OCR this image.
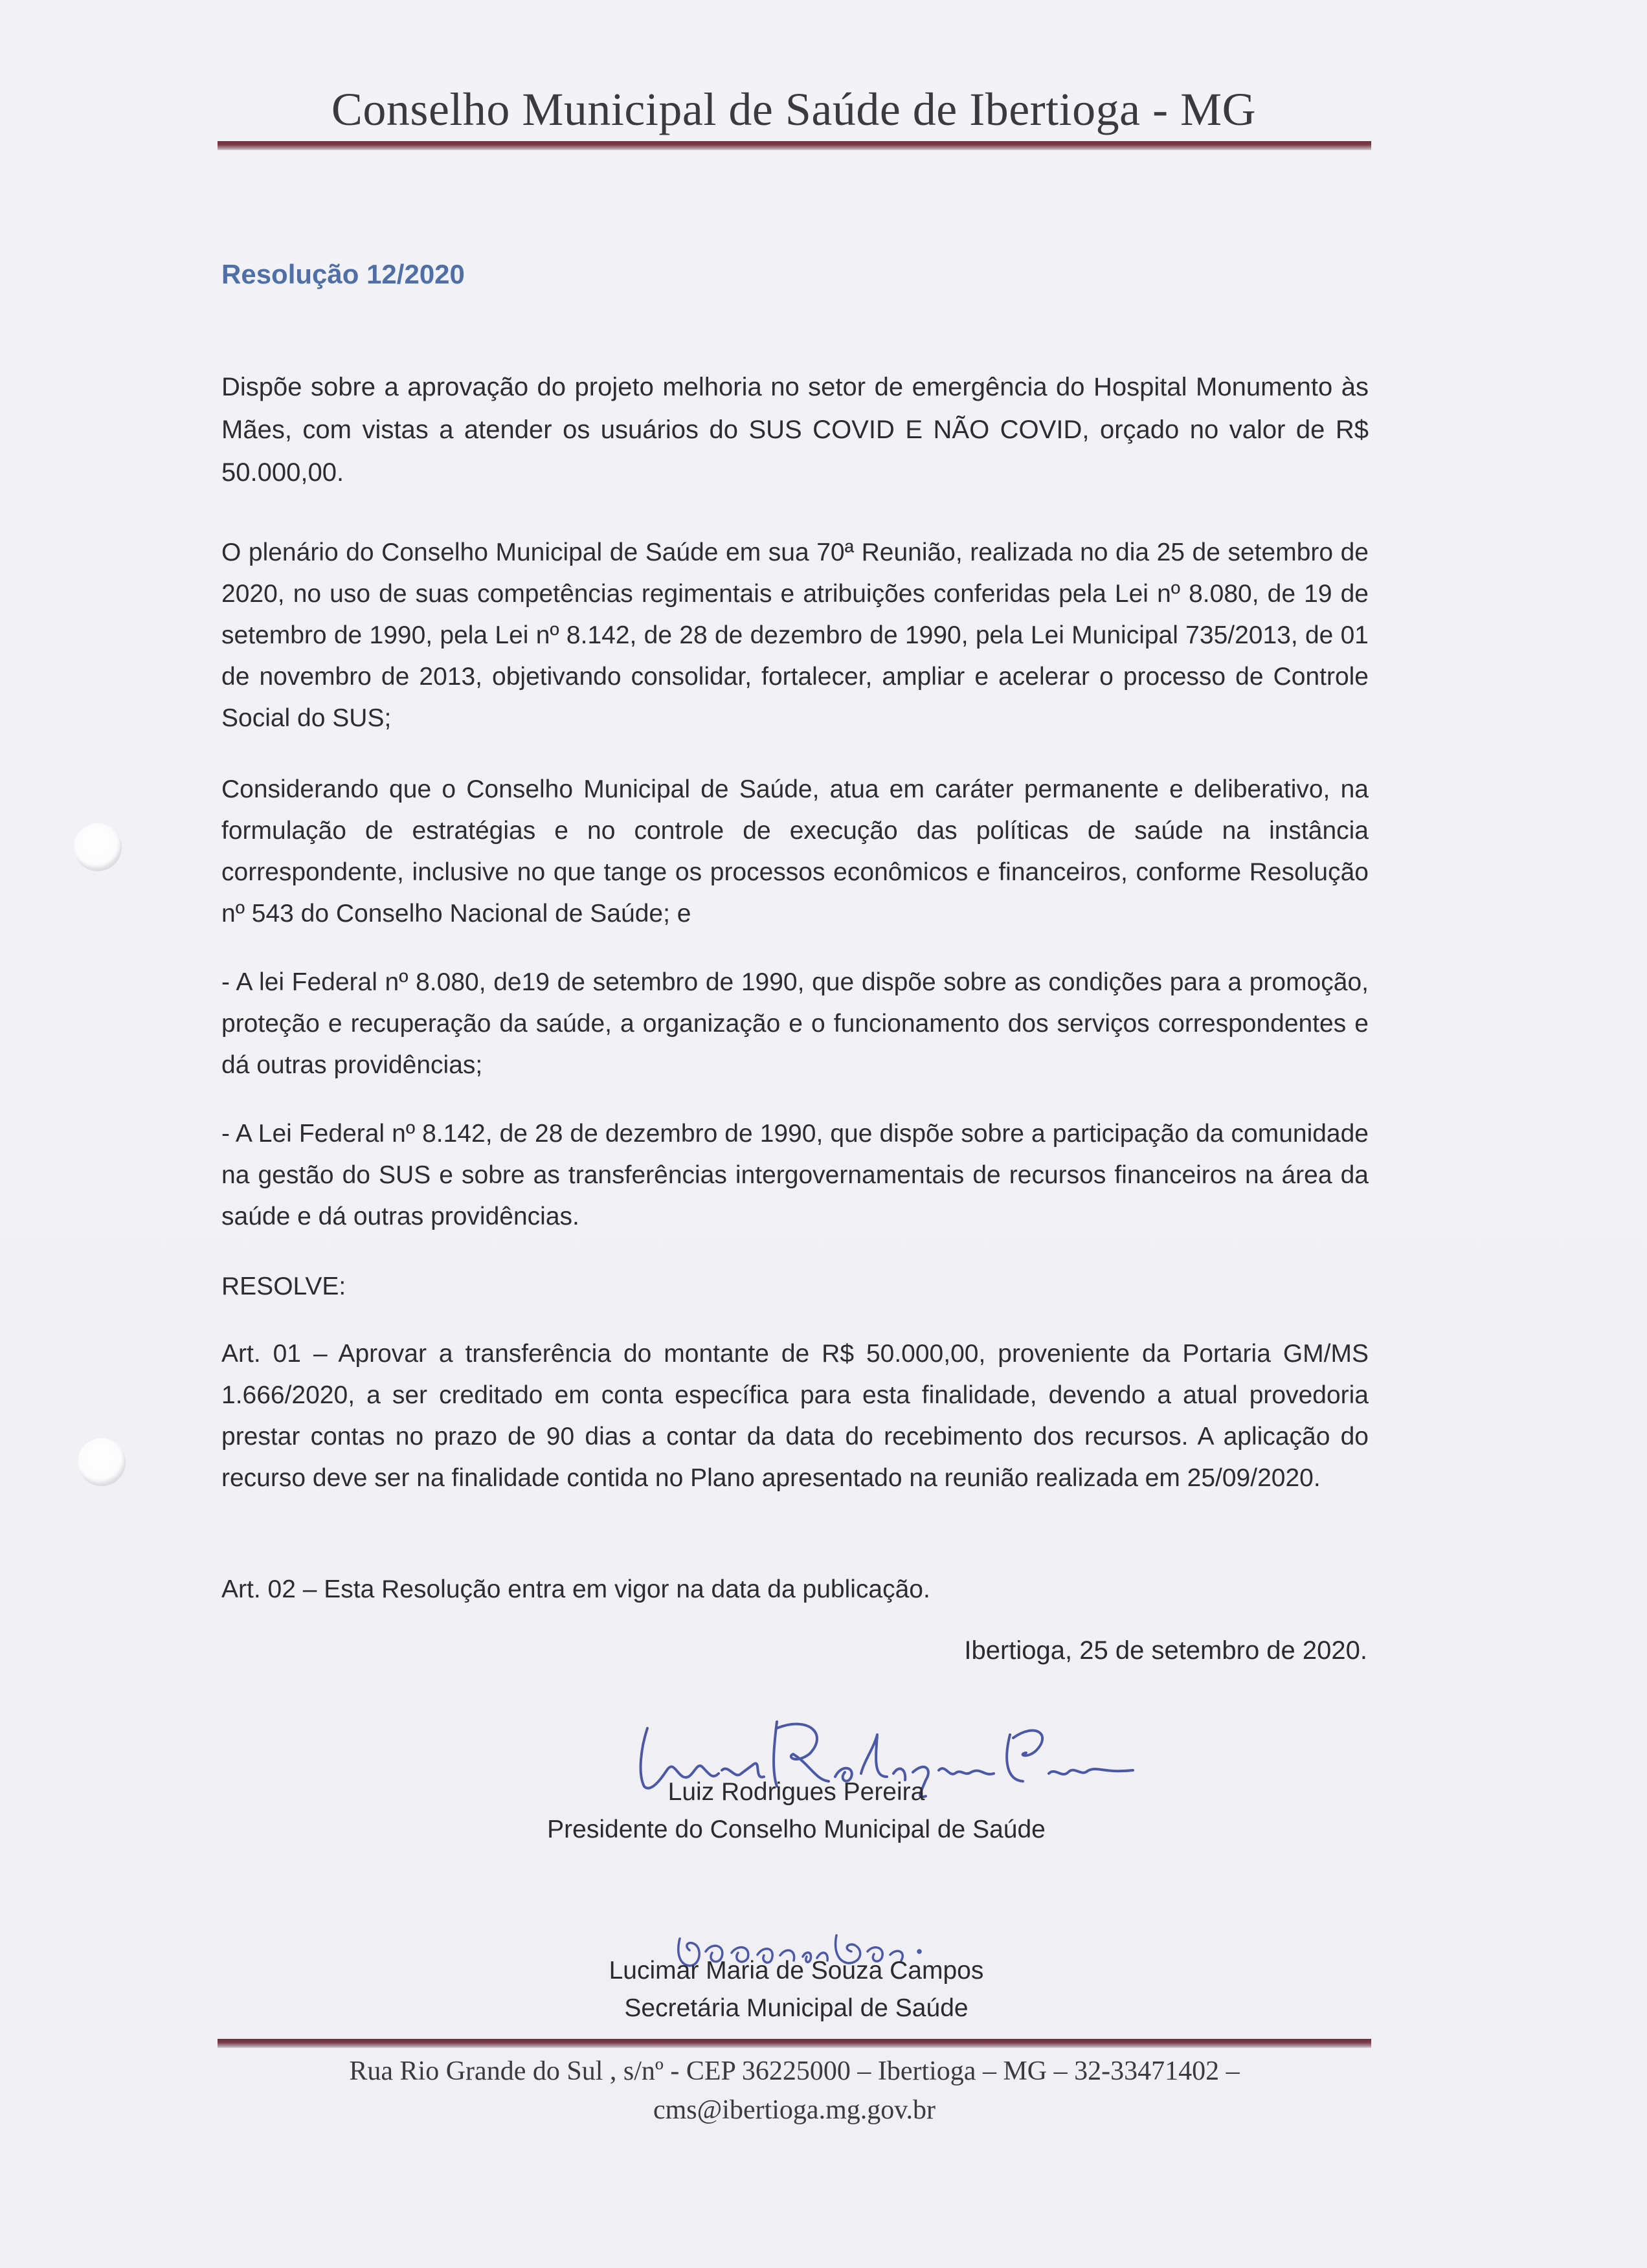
Conselho Municipal de Saúde de Ibertioga - MG
Resolução 12/2020
Dispõe sobre a aprovação do projeto melhoria no setor de emergência do Hospital Monumento às Mães, com vistas a atender os usuários do SUS COVID E NÃO COVID, orçado no valor de R$ 50.000,00.
O plenário do Conselho Municipal de Saúde em sua 70ª Reunião, realizada no dia 25 de setembro de 2020, no uso de suas competências regimentais e atribuições conferidas pela Lei nº 8.080, de 19 de setembro de 1990, pela Lei nº 8.142, de 28 de dezembro de 1990, pela Lei Municipal 735/2013, de 01 de novembro de 2013, objetivando consolidar, fortalecer, ampliar e acelerar o processo de Controle Social do SUS;
Considerando que o Conselho Municipal de Saúde, atua em caráter permanente e deliberativo, na formulação de estratégias e no controle de execução das políticas de saúde na instância correspondente, inclusive no que tange os processos econômicos e financeiros, conforme Resolução nº 543 do Conselho Nacional de Saúde; e
- A lei Federal nº 8.080, de19 de setembro de 1990, que dispõe sobre as condições para a promoção, proteção e recuperação da saúde, a organização e o funcionamento dos serviços correspondentes e dá outras providências;
- A Lei Federal nº 8.142, de 28 de dezembro de 1990, que dispõe sobre a participação da comunidade na gestão do SUS e sobre as transferências intergovernamentais de recursos financeiros na área da saúde e dá outras providências.
RESOLVE:
Art. 01 – Aprovar a transferência do montante de R$ 50.000,00, proveniente da Portaria GM/MS 1.666/2020, a ser creditado em conta específica para esta finalidade, devendo a atual provedoria prestar contas no prazo de 90 dias a contar da data do recebimento dos recursos. A aplicação do recurso deve ser na finalidade contida no Plano apresentado na reunião realizada em 25/09/2020.
Art. 02 – Esta Resolução entra em vigor na data da publicação.
Ibertioga, 25 de setembro de 2020.
Luiz Rodrigues Pereira
Presidente do Conselho Municipal de Saúde
Lucimar Maria de Souza Campos
Secretária Municipal de Saúde
Rua Rio Grande do Sul , s/nº - CEP 36225000 – Ibertioga – MG – 32-33471402 –
cms@ibertioga.mg.gov.br
